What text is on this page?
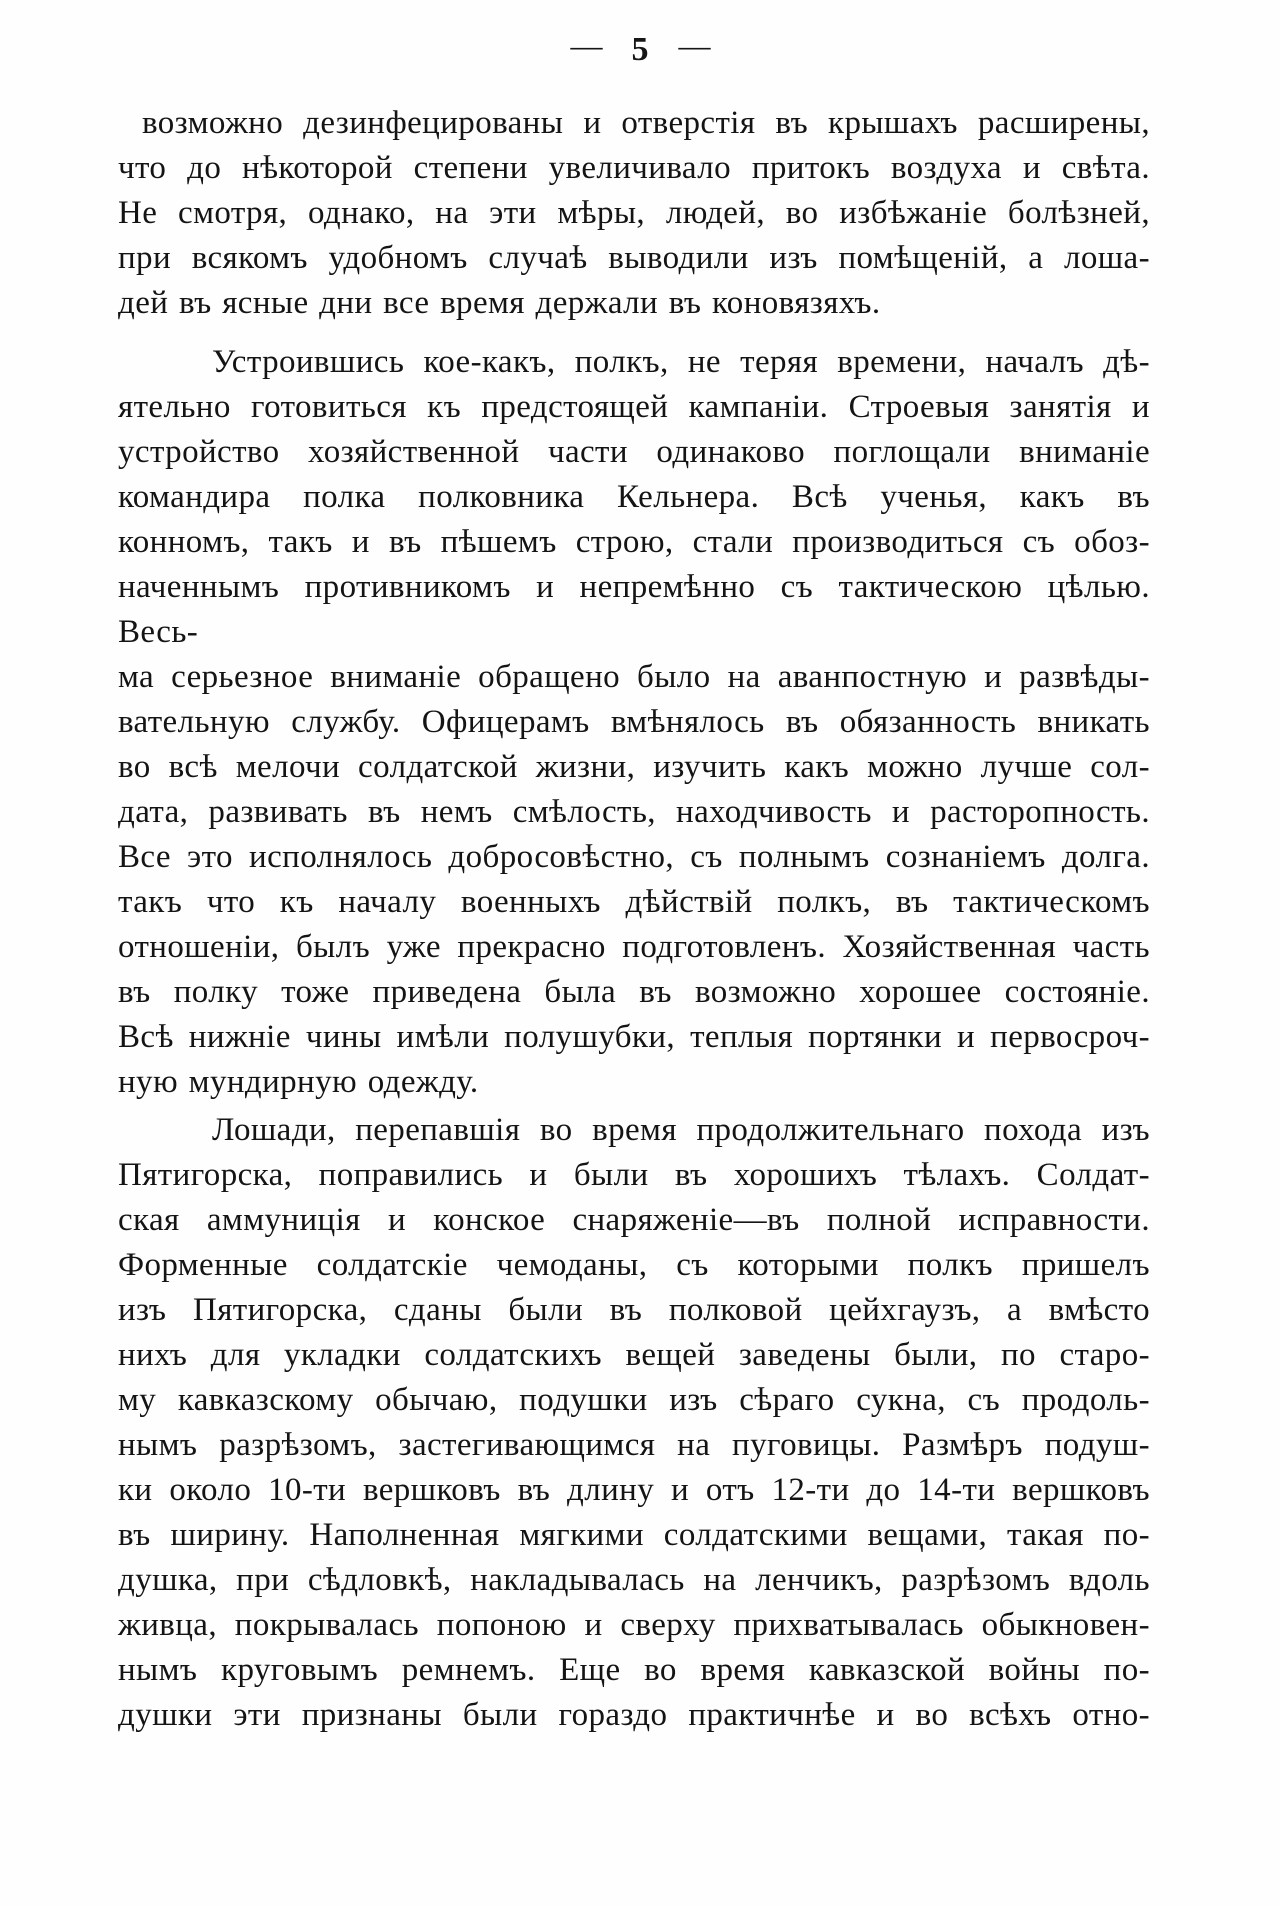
— 5 —
возможно дезинфецированы и отверстія въ крышахъ расширены,
что до нѣкоторой степени увеличивало притокъ воздуха и свѣта.
Не смотря, однако, на эти мѣры, людей, во избѣжаніе болѣзней,
при всякомъ удобномъ случаѣ выводили изъ помѣщеній, а лоша-
дей въ ясные дни все время держали въ коновязяхъ.
Устроившись кое-какъ, полкъ, не теряя времени, началъ дѣ-
ятельно готовиться къ предстоящей кампаніи. Строевыя занятія и
устройство хозяйственной части одинаково поглощали вниманіе
командира полка полковника Кельнера. Всѣ ученья, какъ въ
конномъ, такъ и въ пѣшемъ строю, стали производиться съ обоз-
наченнымъ противникомъ и непремѣнно съ тактическою цѣлью. Весь-
ма серьезное вниманіе обращено было на аванпостную и развѣды-
вательную службу. Офицерамъ вмѣнялось въ обязанность вникать
во всѣ мелочи солдатской жизни, изучить какъ можно лучше сол-
дата, развивать въ немъ смѣлость, находчивость и расторопность.
Все это исполнялось добросовѣстно, съ полнымъ сознаніемъ долга.
такъ что къ началу военныхъ дѣйствій полкъ, въ тактическомъ
отношеніи, былъ уже прекрасно подготовленъ. Хозяйственная часть
въ полку тоже приведена была въ возможно хорошее состояніе.
Всѣ нижніе чины имѣли полушубки, теплыя портянки и первосроч-
ную мундирную одежду.
Лошади, перепавшія во время продолжительнаго похода изъ
Пятигорска, поправились и были въ хорошихъ тѣлахъ. Солдат-
ская аммуниція и конское снаряженіе—въ полной исправности.
Форменные солдатскіе чемоданы, съ которыми полкъ пришелъ
изъ Пятигорска, сданы были въ полковой цейхгаузъ, а вмѣсто
нихъ для укладки солдатскихъ вещей заведены были, по старо-
му кавказскому обычаю, подушки изъ сѣраго сукна, съ продоль-
нымъ разрѣзомъ, застегивающимся на пуговицы. Размѣръ подуш-
ки около 10-ти вершковъ въ длину и отъ 12-ти до 14-ти вершковъ
въ ширину. Наполненная мягкими солдатскими вещами, такая по-
душка, при сѣдловкѣ, накладывалась на ленчикъ, разрѣзомъ вдоль
живца, покрывалась попоною и сверху прихватывалась обыкновен-
нымъ круговымъ ремнемъ. Еще во время кавказской войны по-
душки эти признаны были гораздо практичнѣе и во всѣхъ отно-
